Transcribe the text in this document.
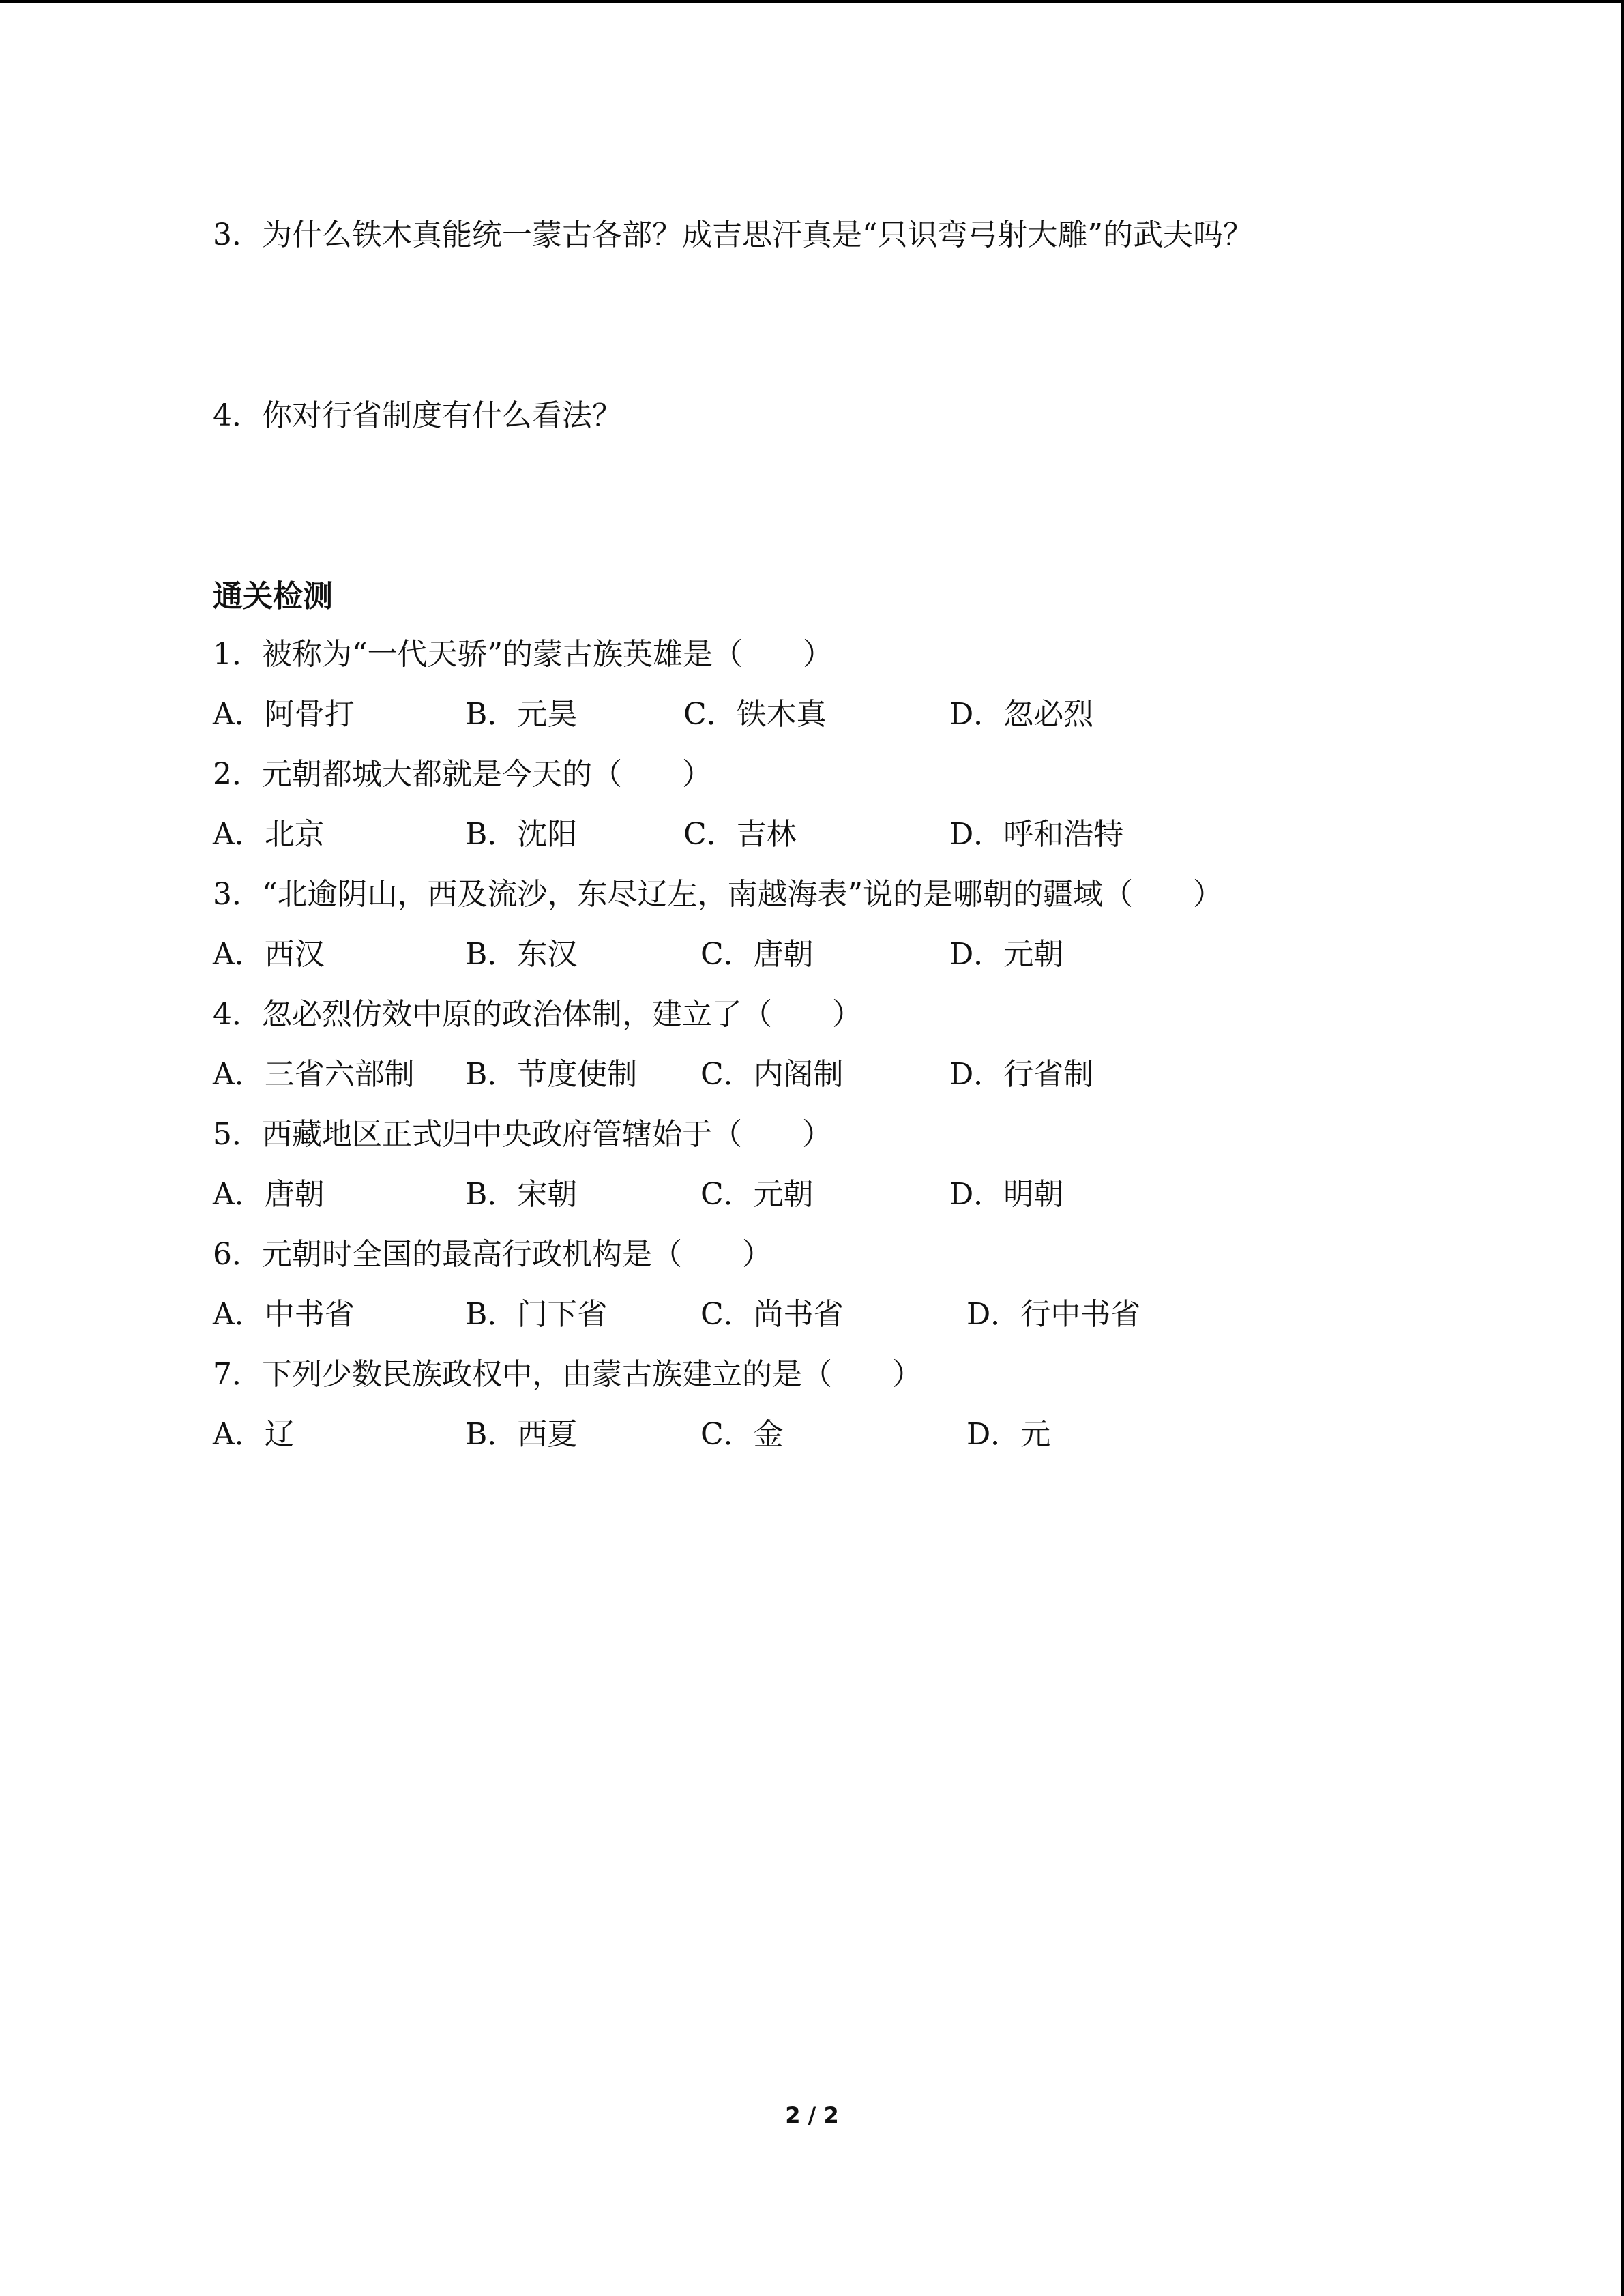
3．为什么铁木真能统一蒙古各部？成吉思汗真是“只识弯弓射大雕”的武夫吗？
4．你对行省制度有什么看法？
通关检测
1．被称为“一代天骄”的蒙古族英雄是（　　）
A．阿骨打	B．元昊	C．铁木真	D．忽必烈
2．元朝都城大都就是今天的（　　）
A．北京	B．沈阳	C．吉林	D．呼和浩特
3．“北逾阴山，西及流沙，东尽辽左，南越海表”说的是哪朝的疆域（　　）
A．西汉	B．东汉	C．唐朝	D．元朝
4．忽必烈仿效中原的政治体制，建立了（　　）
A．三省六部制 B．节度使制 C．内阁制	D．行省制
5．西藏地区正式归中央政府管辖始于（　　）
A．唐朝	B．宋朝	C．元朝	D．明朝
6．元朝时全国的最高行政机构是（　　）
A．中书省	B．门下省	C．尚书省	D．行中书省
7．下列少数民族政权中，由蒙古族建立的是（　　）
A．辽	B．西夏	C．金	D．元
2 / 2
